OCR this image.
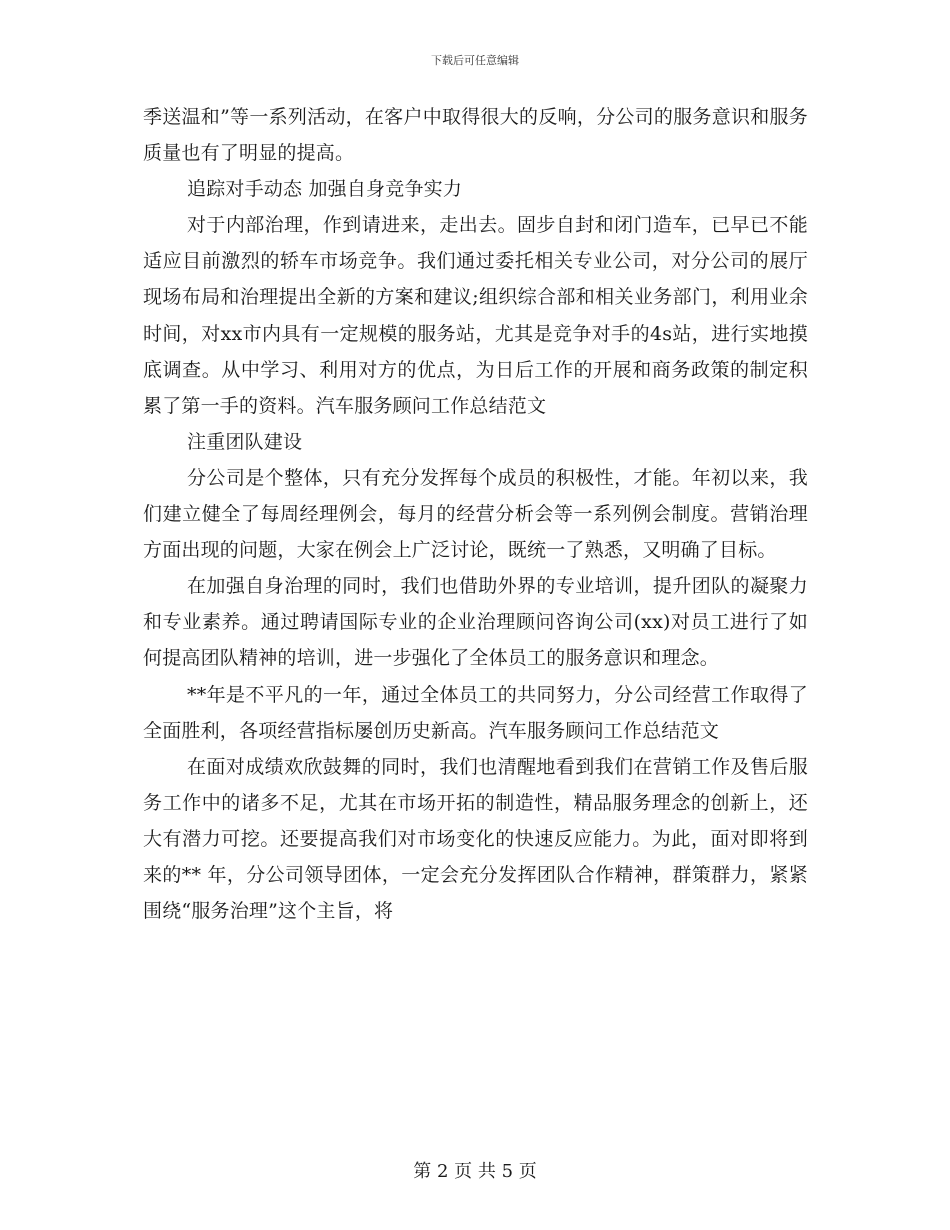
下载后可任意编辑

季送温和”等一系列活动，在客户中取得很大的反响，分公司的服务意识和服务质量也有了明显的提高。

追踪对手动态 加强自身竞争实力

对于内部治理，作到请进来，走出去。固步自封和闭门造车，已早已不能适应目前激烈的轿车市场竞争。我们通过委托相关专业公司，对分公司的展厅现场布局和治理提出全新的方案和建议;组织综合部和相关业务部门，利用业余时间，对xx市内具有一定规模的服务站，尤其是竞争对手的4s站，进行实地摸底调查。从中学习、利用对方的优点，为日后工作的开展和商务政策的制定积累了第一手的资料。汽车服务顾问工作总结范文

注重团队建设

分公司是个整体，只有充分发挥每个成员的积极性，才能。年初以来，我们建立健全了每周经理例会，每月的经营分析会等一系列例会制度。营销治理方面出现的问题，大家在例会上广泛讨论，既统一了熟悉，又明确了目标。

在加强自身治理的同时，我们也借助外界的专业培训，提升团队的凝聚力和专业素养。通过聘请国际专业的企业治理顾问咨询公司(xx)对员工进行了如何提高团队精神的培训，进一步强化了全体员工的服务意识和理念。

**年是不平凡的一年，通过全体员工的共同努力，分公司经营工作取得了全面胜利，各项经营指标屡创历史新高。汽车服务顾问工作总结范文

在面对成绩欢欣鼓舞的同时，我们也清醒地看到我们在营销工作及售后服务工作中的诸多不足，尤其在市场开拓的制造性，精品服务理念的创新上，还大有潜力可挖。还要提高我们对市场变化的快速反应能力。为此，面对即将到来的** 年，分公司领导团体，一定会充分发挥团队合作精神，群策群力，紧紧围绕“服务治理”这个主旨，将

第 2 页 共 5 页
